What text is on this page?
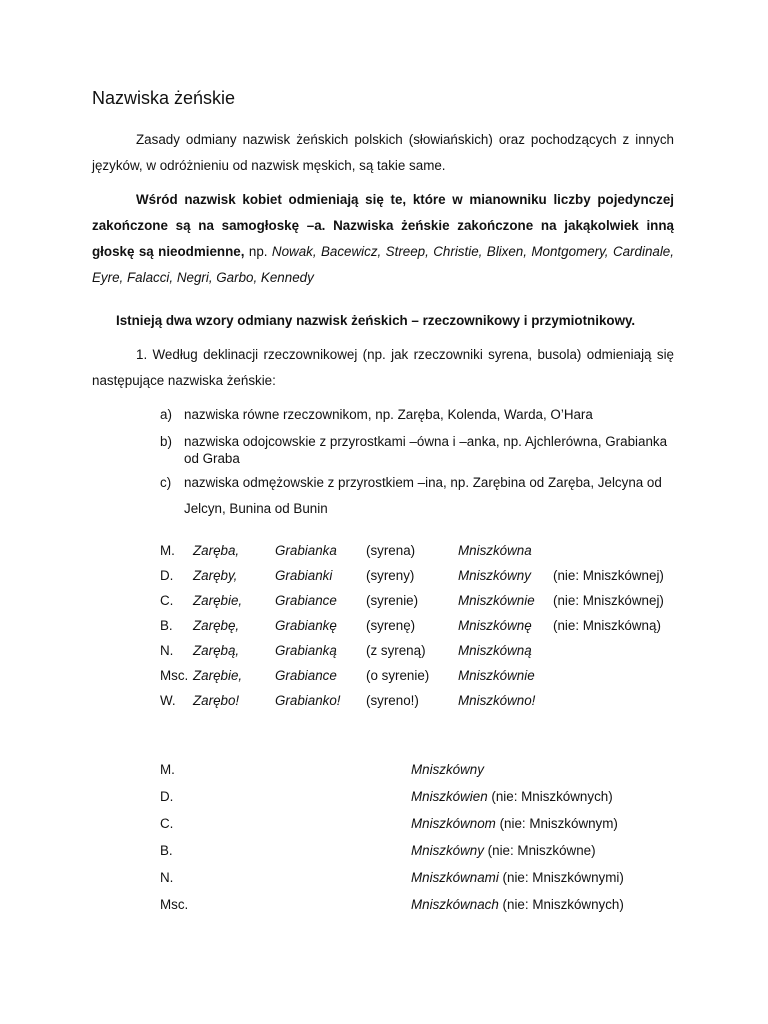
Nazwiska żeńskie

Zasady odmiany nazwisk żeńskich polskich (słowiańskich) oraz pochodzących z innych języków, w odróżnieniu od nazwisk męskich, są takie same.

Wśród nazwisk kobiet odmieniają się te, które w mianowniku liczby pojedynczej zakończone są na samogłoskę –a. Nazwiska żeńskie zakończone na jakąkolwiek inną głoskę są nieodmienne, np. Nowak, Bacewicz, Streep, Christie, Blixen, Montgomery, Cardinale, Eyre, Falacci, Negri, Garbo, Kennedy

Istnieją dwa wzory odmiany nazwisk żeńskich – rzeczownikowy i przymiotnikowy.

1. Według deklinacji rzeczownikowej (np. jak rzeczowniki syrena, busola) odmieniają się następujące nazwiska żeńskie:

a) nazwiska równe rzeczownikom, np. Zaręba, Kolenda, Warda, O’Hara
b) nazwiska odojcowskie z przyrostkami –ówna i –anka, np. Ajchlerówna, Grabianka od Graba
c) nazwiska odmężowskie z przyrostkiem –ina, np. Zarębina od Zaręba, Jelcyna od Jelcyn, Bunina od Bunin
M.	Zaręba,	Grabianka	(syrena)	Mniszkówna	
D.	Zaręby,	Grabianki	(syreny)	Mniszkówny	(nie: Mniszkównej)
C.	Zarębie,	Grabiance	(syrenie)	Mniszkównie	(nie: Mniszkównej)
B.	Zarębę,	Grabiankę	(syrenę)	Mniszkównę	(nie: Mniszkówną)
N.	Zarębą,	Grabianką	(z syreną)	Mniszkówną	
Msc.	Zarębie,	Grabiance	(o syrenie)	Mniszkównie	
W.	Zarębo!	Grabianko!	(syreno!)	Mniszkówno!	
M.	Mniszkówny
D.	Mniszkówien (nie: Mniszkównych)
C.	Mniszkównom (nie: Mniszkównym)
B.	Mniszkówny (nie: Mniszkówne)
N.	Mniszkównami (nie: Mniszkównymi)
Msc.	Mniszkównach (nie: Mniszkównych)
